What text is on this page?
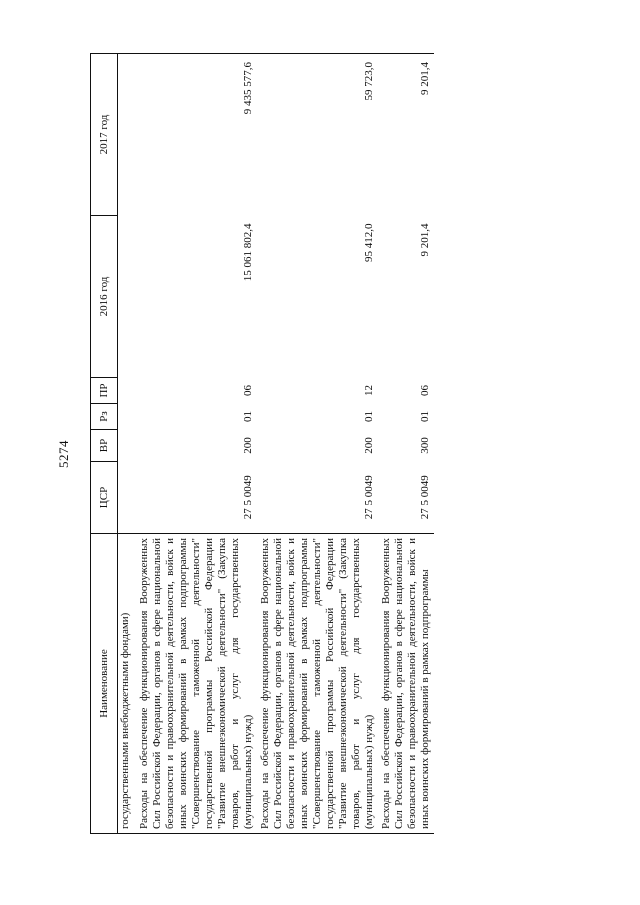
5274
Наименование	ЦСР	ВР	Рз	ПР	2016 год	2017 год
государственными внебюджетными фондами)						
Расходы на обеспечение функционирования Вооруженных Сил Российской Федерации, органов в сфере национальной безопасности и правоохранительной деятельности, войск и иных воинских формирований в рамках подпрограммы "Совершенствование таможенной деятельности" государственной программы Российской Федерации "Развитие внешнеэкономической деятельности" (Закупка товаров, работ и услуг для государственных (муниципальных) нужд)	27 5 0049	200	01	06	15 061 802,4	9 435 577,6
Расходы на обеспечение функционирования Вооруженных Сил Российской Федерации, органов в сфере национальной безопасности и правоохранительной деятельности, войск и иных воинских формирований в рамках подпрограммы "Совершенствование таможенной деятельности" государственной программы Российской Федерации "Развитие внешнеэкономической деятельности" (Закупка товаров, работ и услуг для государственных (муниципальных) нужд)	27 5 0049	200	01	12	95 412,0	59 723,0
Расходы на обеспечение функционирования Вооруженных Сил Российской Федерации, органов в сфере национальной безопасности и правоохранительной деятельности, войск и иных воинских формирований в рамках подпрограммы	27 5 0049	300	01	06	9 201,4	9 201,4
